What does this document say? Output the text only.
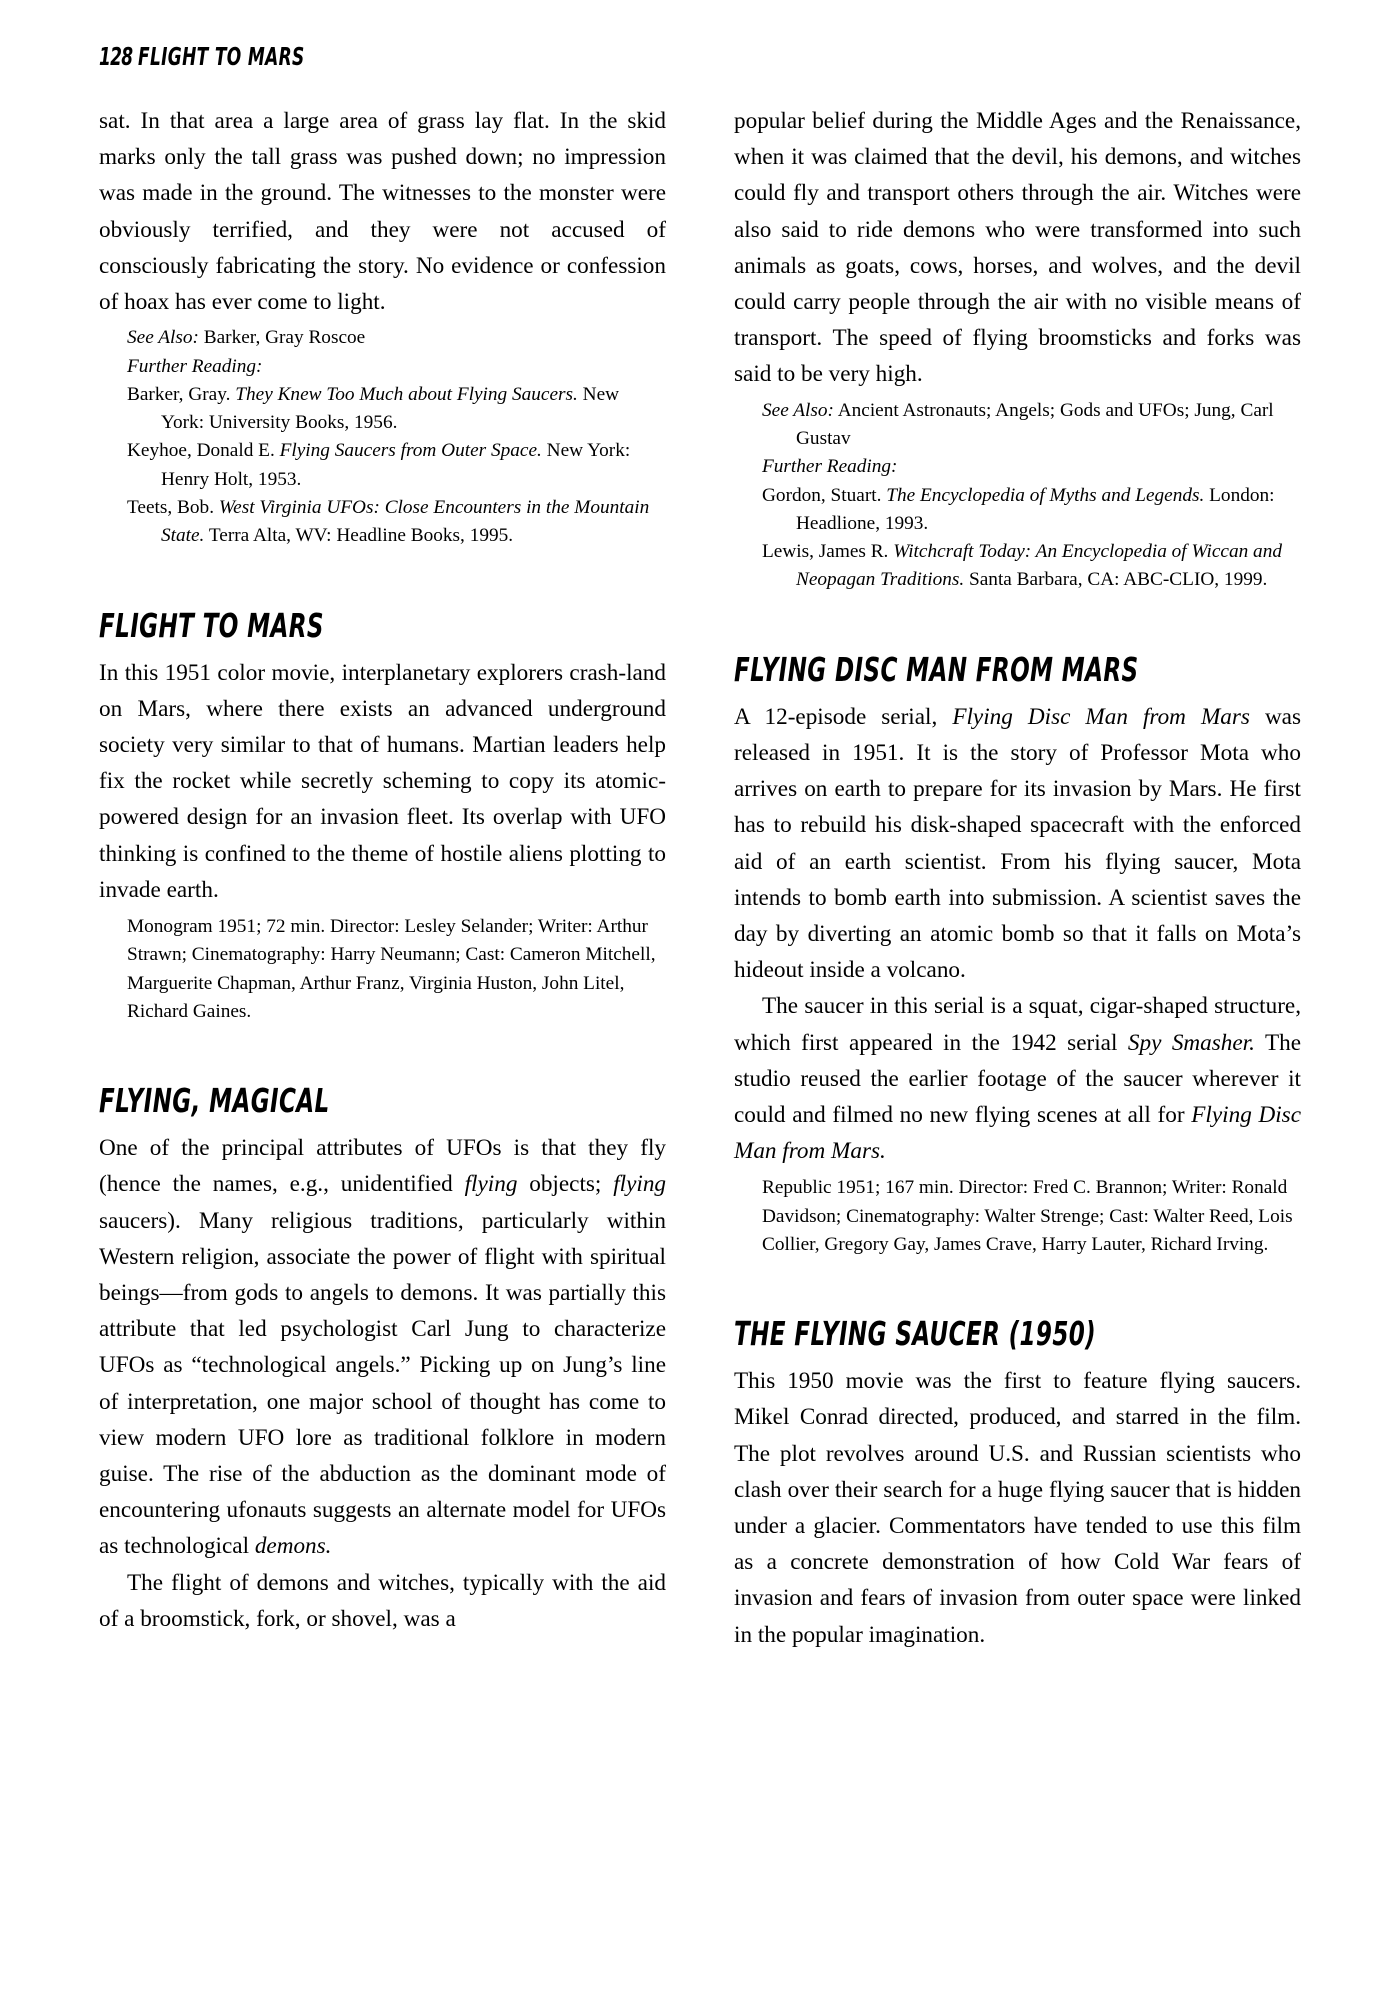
128 FLIGHT TO MARS

sat. In that area a large area of grass lay flat. In the skid marks only the tall grass was pushed down; no impression was made in the ground. The witnesses to the monster were obviously terrified, and they were not accused of consciously fabricating the story. No evidence or confession of hoax has ever come to light.

See Also: Barker, Gray Roscoe

Further Reading:

Barker, Gray. They Knew Too Much about Flying Saucers. New York: University Books, 1956.

Keyhoe, Donald E. Flying Saucers from Outer Space. New York: Henry Holt, 1953.

Teets, Bob. West Virginia UFOs: Close Encounters in the Mountain State. Terra Alta, WV: Headline Books, 1995.

FLIGHT TO MARS

In this 1951 color movie, interplanetary explorers crash-land on Mars, where there exists an advanced underground society very similar to that of humans. Martian leaders help fix the rocket while secretly scheming to copy its atomic-powered design for an invasion fleet. Its overlap with UFO thinking is confined to the theme of hostile aliens plotting to invade earth.

Monogram 1951; 72 min. Director: Lesley Selander; Writer: Arthur Strawn; Cinematography: Harry Neumann; Cast: Cameron Mitchell, Marguerite Chapman, Arthur Franz, Virginia Huston, John Litel, Richard Gaines.

FLYING, MAGICAL

One of the principal attributes of UFOs is that they fly (hence the names, e.g., unidentified flying objects; flying saucers). Many religious traditions, particularly within Western religion, associate the power of flight with spiritual beings—from gods to angels to demons. It was partially this attribute that led psychologist Carl Jung to characterize UFOs as “technological angels.” Picking up on Jung’s line of interpretation, one major school of thought has come to view modern UFO lore as traditional folklore in modern guise. The rise of the abduction as the dominant mode of encountering ufonauts suggests an alternate model for UFOs as technological demons.

The flight of demons and witches, typically with the aid of a broomstick, fork, or shovel, was a

popular belief during the Middle Ages and the Renaissance, when it was claimed that the devil, his demons, and witches could fly and transport others through the air. Witches were also said to ride demons who were transformed into such animals as goats, cows, horses, and wolves, and the devil could carry people through the air with no visible means of transport. The speed of flying broomsticks and forks was said to be very high.

See Also: Ancient Astronauts; Angels; Gods and UFOs; Jung, Carl Gustav

Further Reading:

Gordon, Stuart. The Encyclopedia of Myths and Legends. London: Headlione, 1993.

Lewis, James R. Witchcraft Today: An Encyclopedia of Wiccan and Neopagan Traditions. Santa Barbara, CA: ABC-CLIO, 1999.

FLYING DISC MAN FROM MARS

A 12-episode serial, Flying Disc Man from Mars was released in 1951. It is the story of Professor Mota who arrives on earth to prepare for its invasion by Mars. He first has to rebuild his disk-shaped spacecraft with the enforced aid of an earth scientist. From his flying saucer, Mota intends to bomb earth into submission. A scientist saves the day by diverting an atomic bomb so that it falls on Mota’s hideout inside a volcano.

The saucer in this serial is a squat, cigar-shaped structure, which first appeared in the 1942 serial Spy Smasher. The studio reused the earlier footage of the saucer wherever it could and filmed no new flying scenes at all for Flying Disc Man from Mars.

Republic 1951; 167 min. Director: Fred C. Brannon; Writer: Ronald Davidson; Cinematography: Walter Strenge; Cast: Walter Reed, Lois Collier, Gregory Gay, James Crave, Harry Lauter, Richard Irving.

THE FLYING SAUCER (1950)

This 1950 movie was the first to feature flying saucers. Mikel Conrad directed, produced, and starred in the film. The plot revolves around U.S. and Russian scientists who clash over their search for a huge flying saucer that is hidden under a glacier. Commentators have tended to use this film as a concrete demonstration of how Cold War fears of invasion and fears of invasion from outer space were linked in the popular imagination.
